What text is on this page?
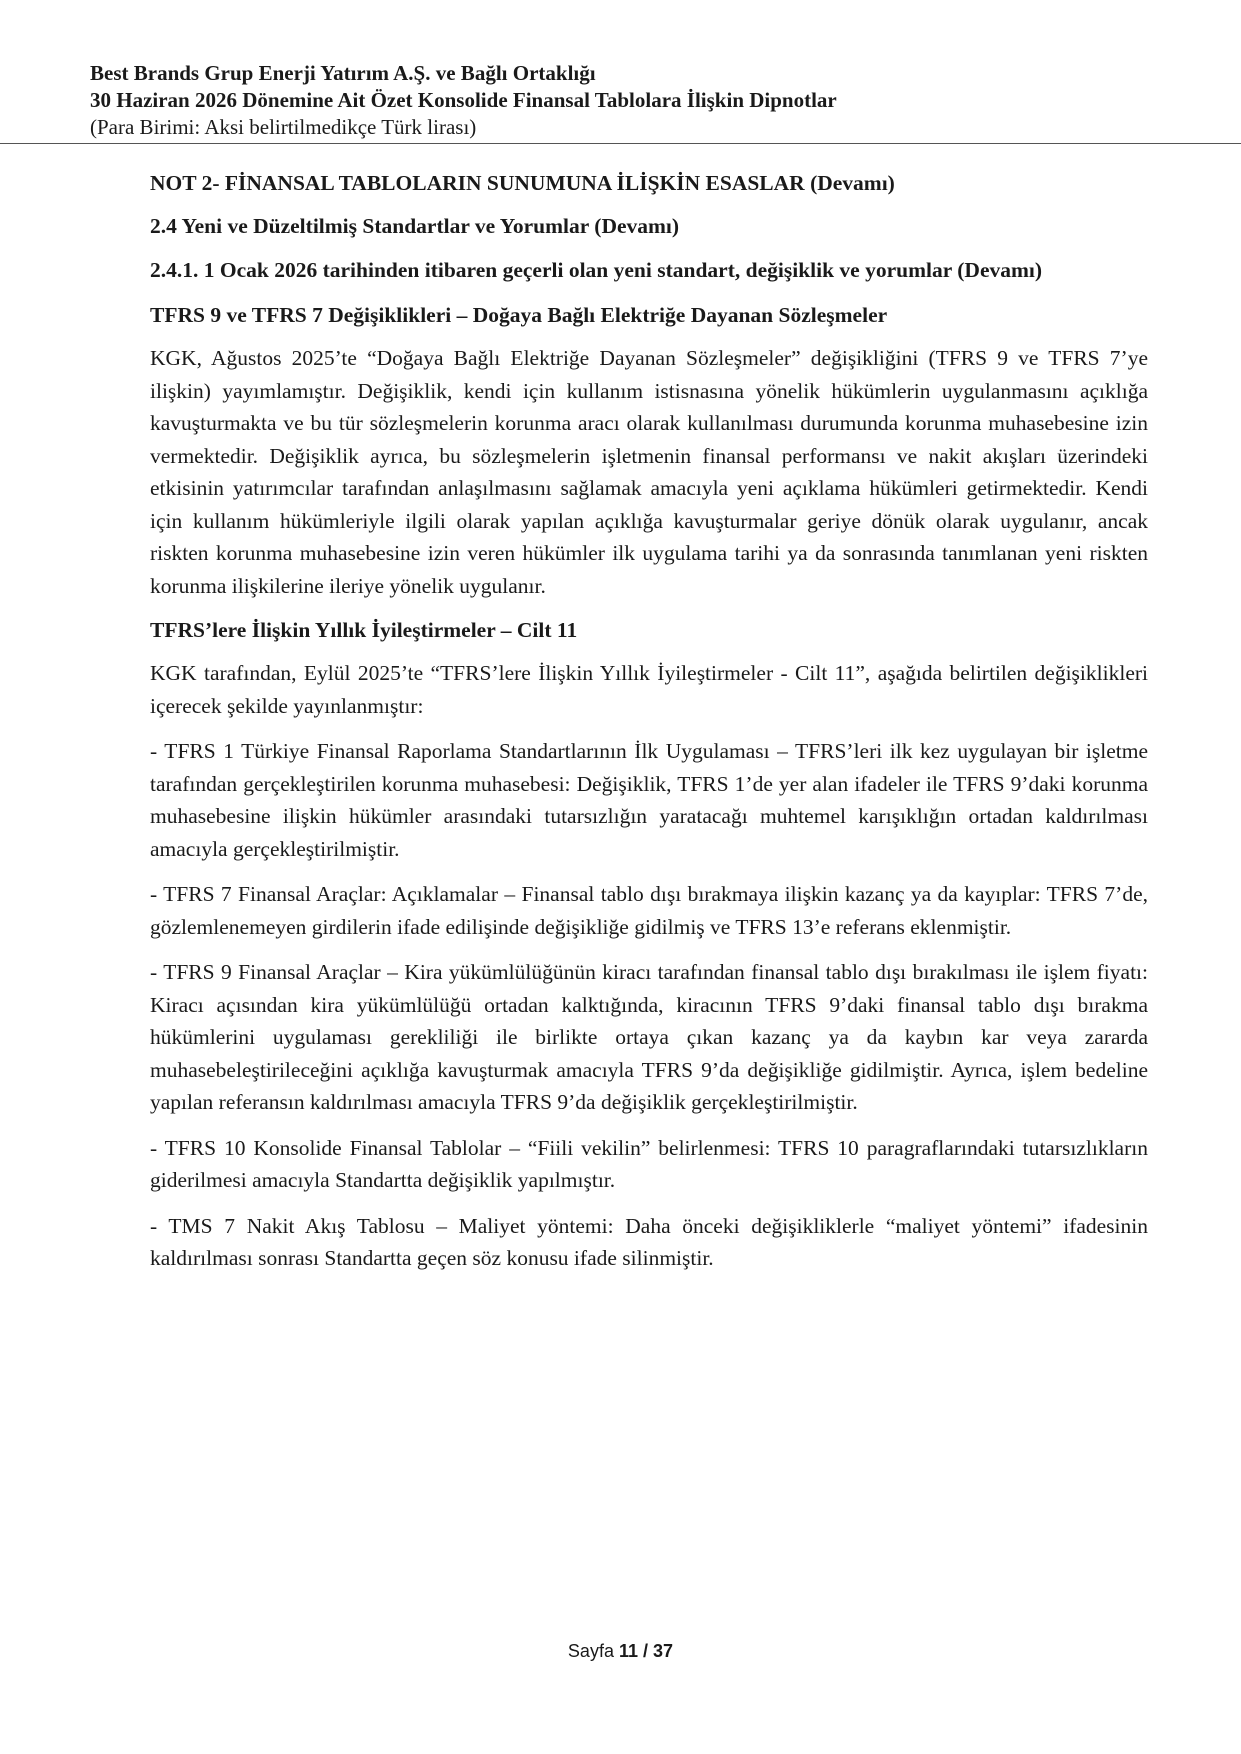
Best Brands Grup Enerji Yatırım A.Ş. ve Bağlı Ortaklığı
30 Haziran 2026 Dönemine Ait Özet Konsolide Finansal Tablolara İlişkin Dipnotlar
(Para Birimi: Aksi belirtilmedikçe Türk lirası)

NOT 2- FİNANSAL TABLOLARIN SUNUMUNA İLİŞKİN ESASLAR (Devamı)

2.4 Yeni ve Düzeltilmiş Standartlar ve Yorumlar (Devamı)

2.4.1. 1 Ocak 2026 tarihinden itibaren geçerli olan yeni standart, değişiklik ve yorumlar (Devamı)

TFRS 9 ve TFRS 7 Değişiklikleri – Doğaya Bağlı Elektriğe Dayanan Sözleşmeler

KGK, Ağustos 2025’te “Doğaya Bağlı Elektriğe Dayanan Sözleşmeler” değişikliğini (TFRS 9 ve TFRS 7’ye ilişkin) yayımlamıştır. Değişiklik, kendi için kullanım istisnasına yönelik hükümlerin uygulanmasını açıklığa kavuşturmakta ve bu tür sözleşmelerin korunma aracı olarak kullanılması durumunda korunma muhasebesine izin vermektedir. Değişiklik ayrıca, bu sözleşmelerin işletmenin finansal performansı ve nakit akışları üzerindeki etkisinin yatırımcılar tarafından anlaşılmasını sağlamak amacıyla yeni açıklama hükümleri getirmektedir. Kendi için kullanım hükümleriyle ilgili olarak yapılan açıklığa kavuşturmalar geriye dönük olarak uygulanır, ancak riskten korunma muhasebesine izin veren hükümler ilk uygulama tarihi ya da sonrasında tanımlanan yeni riskten korunma ilişkilerine ileriye yönelik uygulanır.

TFRS’lere İlişkin Yıllık İyileştirmeler – Cilt 11

KGK tarafından, Eylül 2025’te “TFRS’lere İlişkin Yıllık İyileştirmeler - Cilt 11”, aşağıda belirtilen değişiklikleri içerecek şekilde yayınlanmıştır:

- TFRS 1 Türkiye Finansal Raporlama Standartlarının İlk Uygulaması – TFRS’leri ilk kez uygulayan bir işletme tarafından gerçekleştirilen korunma muhasebesi: Değişiklik, TFRS 1’de yer alan ifadeler ile TFRS 9’daki korunma muhasebesine ilişkin hükümler arasındaki tutarsızlığın yaratacağı muhtemel karışıklığın ortadan kaldırılması amacıyla gerçekleştirilmiştir.

- TFRS 7 Finansal Araçlar: Açıklamalar – Finansal tablo dışı bırakmaya ilişkin kazanç ya da kayıplar: TFRS 7’de, gözlemlenemeyen girdilerin ifade edilişinde değişikliğe gidilmiş ve TFRS 13’e referans eklenmiştir.

- TFRS 9 Finansal Araçlar – Kira yükümlülüğünün kiracı tarafından finansal tablo dışı bırakılması ile işlem fiyatı: Kiracı açısından kira yükümlülüğü ortadan kalktığında, kiracının TFRS 9’daki finansal tablo dışı bırakma hükümlerini uygulaması gerekliliği ile birlikte ortaya çıkan kazanç ya da kaybın kar veya zararda muhasebeleştirileceğini açıklığa kavuşturmak amacıyla TFRS 9’da değişikliğe gidilmiştir. Ayrıca, işlem bedeline yapılan referansın kaldırılması amacıyla TFRS 9’da değişiklik gerçekleştirilmiştir.

- TFRS 10 Konsolide Finansal Tablolar – “Fiili vekilin” belirlenmesi: TFRS 10 paragraflarındaki tutarsızlıkların giderilmesi amacıyla Standartta değişiklik yapılmıştır.

- TMS 7 Nakit Akış Tablosu – Maliyet yöntemi: Daha önceki değişikliklerle “maliyet yöntemi” ifadesinin kaldırılması sonrası Standartta geçen söz konusu ifade silinmiştir.

Sayfa 11 / 37
